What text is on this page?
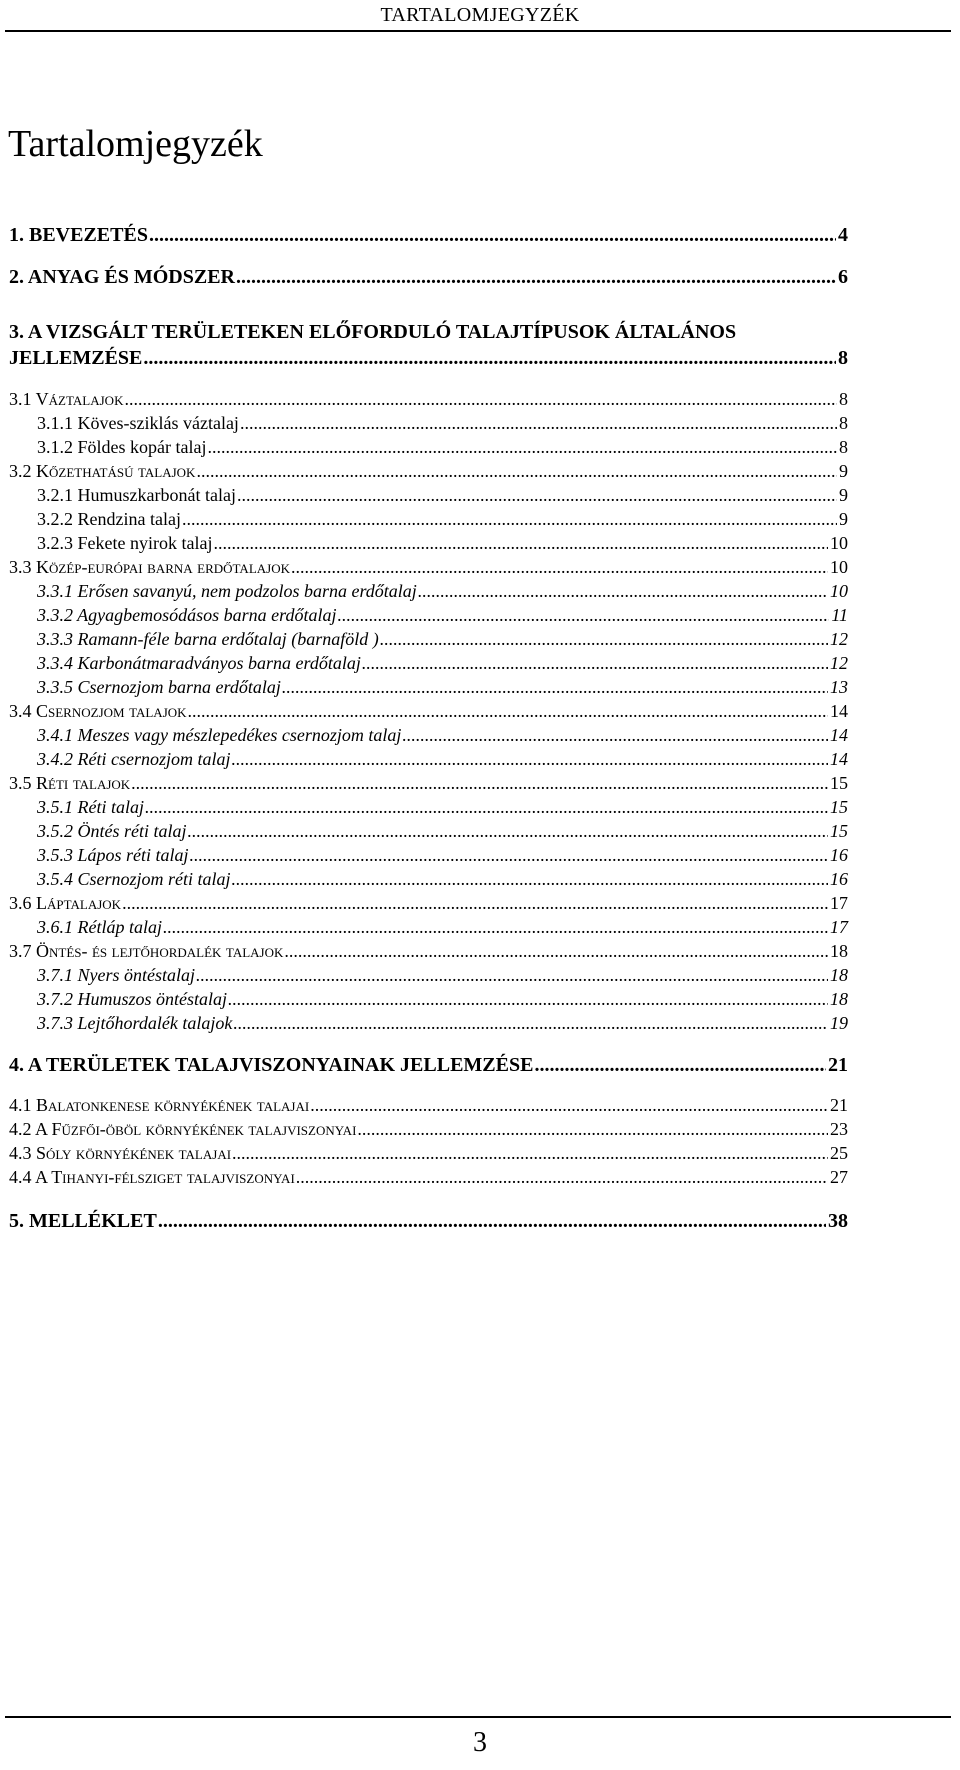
TARTALOMJEGYZÉK
Tartalomjegyzék
1. BEVEZETÉS .....	4
2. ANYAG ÉS MÓDSZER .....	6
3. A VIZSGÁLT TERÜLETEKEN ELŐFORDULÓ TALAJTÍPUSOK ÁLTALÁNOS
JELLEMZÉSE .....	8
3.1 Váztalajok .....	8
3.1.1 Köves-sziklás váztalaj .....	8
3.1.2 Földes kopár talaj .....	8
3.2 Kőzethatású talajok .....	9
3.2.1 Humuszkarbonát talaj .....	9
3.2.2 Rendzina talaj .....	9
3.2.3 Fekete nyirok talaj .....	10
3.3 Közép-európai barna erdőtalajok .....	10
3.3.1 Erősen savanyú, nem podzolos barna erdőtalaj .....	10
3.3.2 Agyagbemosódásos barna erdőtalaj .....	11
3.3.3 Ramann-féle barna erdőtalaj (barnaföld ) .....	12
3.3.4 Karbonátmaradványos barna erdőtalaj .....	12
3.3.5 Csernozjom barna erdőtalaj .....	13
3.4 Csernozjom talajok .....	14
3.4.1 Meszes vagy mészlepedékes csernozjom talaj .....	14
3.4.2 Réti csernozjom talaj .....	14
3.5 Réti talajok .....	15
3.5.1 Réti talaj .....	15
3.5.2 Öntés réti talaj .....	15
3.5.3 Lápos réti talaj .....	16
3.5.4 Csernozjom réti talaj .....	16
3.6 Láptalajok .....	17
3.6.1 Rétláp talaj .....	17
3.7 Öntés- és lejtőhordalék talajok .....	18
3.7.1 Nyers öntéstalaj .....	18
3.7.2 Humuszos öntéstalaj .....	18
3.7.3 Lejtőhordalék talajok .....	19
4. A TERÜLETEK TALAJVISZONYAINAK JELLEMZÉSE .....	21
4.1 Balatonkenese környékének talajai .....	21
4.2 A Fűzfői-öböl környékének talajviszonyai .....	23
4.3 Sóly környékének talajai .....	25
4.4 A Tihanyi-félsziget talajviszonyai .....	27
5. MELLÉKLET .....	38
3
